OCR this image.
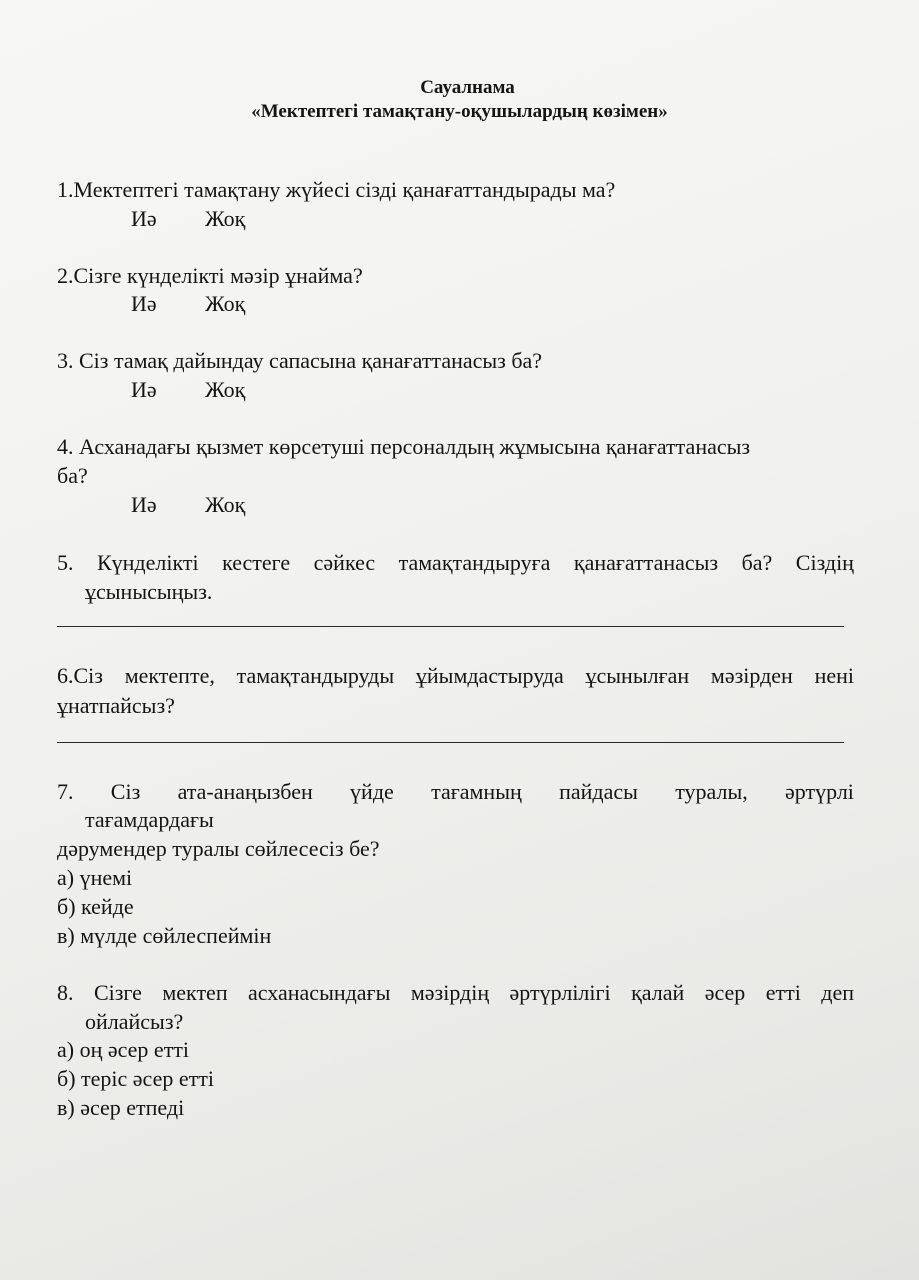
Сауалнама
«Мектептегі тамақтану-оқушылардың көзімен»
1.Мектептегі тамақтану жүйесі сізді қанағаттандырады ма?
Иә Жоқ
2.Сізге күнделікті мәзір ұнайма?
Иә Жоқ
3. Сіз тамақ дайындау сапасына қанағаттанасыз ба?
Иә Жоқ
4. Асханадағы қызмет көрсетуші персоналдың жұмысына қанағаттанасыз
ба?
Иә Жоқ
5. Күнделікті кестеге сәйкес тамақтандыруға қанағаттанасыз ба? Сіздің
ұсынысыңыз.
6.Сіз мектепте, тамақтандыруды ұйымдастыруда ұсынылған мәзірден нені
ұнатпайсыз?
7. Сіз ата-анаңызбен үйде тағамның пайдасы туралы, әртүрлі
тағамдардағы
дәрумендер туралы сөйлесесіз бе?
а) үнемі
б) кейде
в) мүлде сөйлеспеймін
8. Сізге мектеп асханасындағы мәзірдің әртүрлілігі қалай әсер етті деп
ойлайсыз?
а) оң әсер етті
б) теріс әсер етті
в) әсер етпеді
